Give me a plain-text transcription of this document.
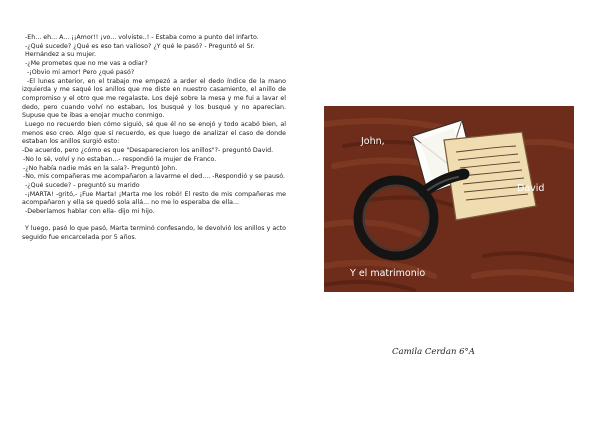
-Eh... eh... A... ¡¡Amor!! ¡vo... volviste..! - Estaba como a punto del infarto.

-¿Qué sucede? ¿Qué es eso tan valioso? ¿Y qué le pasó? - Preguntó el Sr. Hernández a su mujer.

-¿Me prometes que no me vas a odiar?

-¡Obvio mi amor! Pero ¿qué pasó?

-El lunes anterior, en el trabajo me empezó a arder el dedo índice de la mano izquierda y me saqué los anillos que me diste en nuestro casamiento, el anillo de compromiso y el otro que me regalaste. Los dejé sobre la mesa y me fui a lavar el dedo, pero cuando volví no estaban, los busqué y los busqué y no aparecían. Supuse que te ibas a enojar mucho conmigo.

Luego no recuerdo bien cómo siguió, sé que él no se enojó y todo acabó bien, al menos eso creo. Algo que sí recuerdo, es que luego de analizar el caso de donde estaban los anillos surgió esto:

-De acuerdo, pero ¿cómo es que "Desaparecieron los anillos"?- preguntó David.

-No lo sé, volví y no estaban...- respondió la mujer de Franco.

-¿No había nadie más en la sala?- Preguntó John.

-No, mis compañeras me acompañaron a lavarme el ded.... -Respondió y se pausó.

-¿Qué sucede? - preguntó su marido

-¡MARTA! -gritó,- ¡Fue Marta! ¡Marta me los robó! El resto de mis compañeras me acompañaron y ella se quedó sola allá... no me lo esperaba de ella...

-Deberíamos hablar con ella- dijo mi hijo.

Y luego, pasó lo que pasó, Marta terminó confesando, le devolvió los anillos y acto seguido fue encarcelada por 5 años.

John,
David
Y el matrimonio
Camila Cerdan 6°A
